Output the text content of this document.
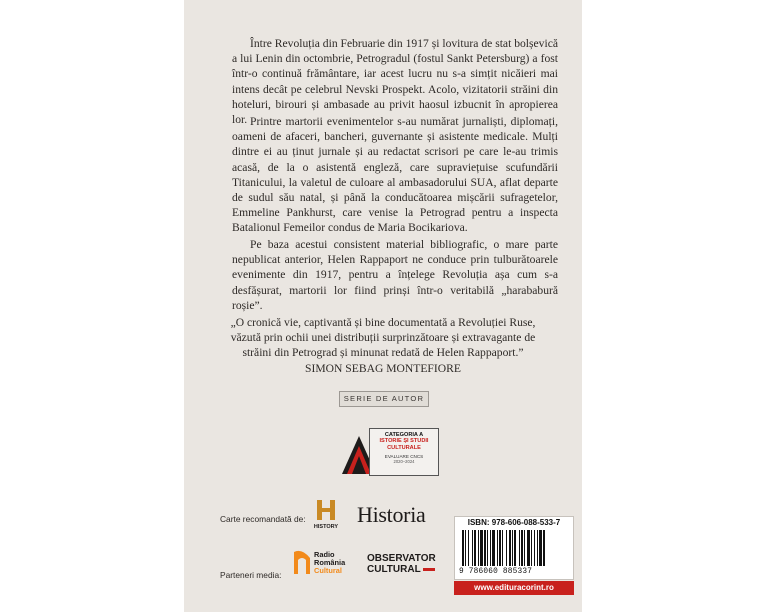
Între Revoluția din Februarie din 1917 și lovitura de stat bolșevică a lui Lenin din octombrie, Petrogradul (fostul Sankt Petersburg) a fost într-o continuă frământare, iar acest lucru nu s-a simțit nicăieri mai intens decât pe celebrul Nevski Prospekt. Acolo, vizitatorii străini din hoteluri, birouri și ambasade au privit haosul izbucnit în apropierea lor. Printre martorii evenimentelor s-au numărat jurnaliști, diplomați, oameni de afaceri, bancheri, guvernante și asistente medicale. Mulți dintre ei au ținut jurnale și au redactat scrisori pe care le-au trimis acasă, de la o asistentă engleză, care supraviețuise scufundării Titanicului, la valetul de culoare al ambasadorului SUA, aflat departe de sudul său natal, și până la conducătoarea mișcării sufragetelor, Emmeline Pankhurst, care venise la Petrograd pentru a inspecta Batalionul Femeilor condus de Maria Bocikariova.

Pe baza acestui consistent material bibliografic, o mare parte nepublicat anterior, Helen Rappaport ne conduce prin tulburătoarele evenimente din 1917, pentru a înțelege Revoluția așa cum s-a desfășurat, martorii lor fiind prinși într-o veritabilă „harababură roșie”.

„O cronică vie, captivantă și bine documentată a Revoluției Ruse, văzută prin ochii unei distribuții surprinzătoare și extravagante de străini din Petrograd și minunat redată de Helen Rappaport.”
SIMON SEBAG MONTEFIORE

SERIE DE AUTOR
CATEGORIA A
ISTORIE ȘI STUDII CULTURALE
EVALUARE CNCS
2020–2024
Carte recomandată de:
HISTORY Historia
Parteneri media:
Radio
România
Cultural
OBSERVATOR
CULTURAL
ISBN: 978-606-088-533-7
9 786060 885337
www.edituracorint.ro
